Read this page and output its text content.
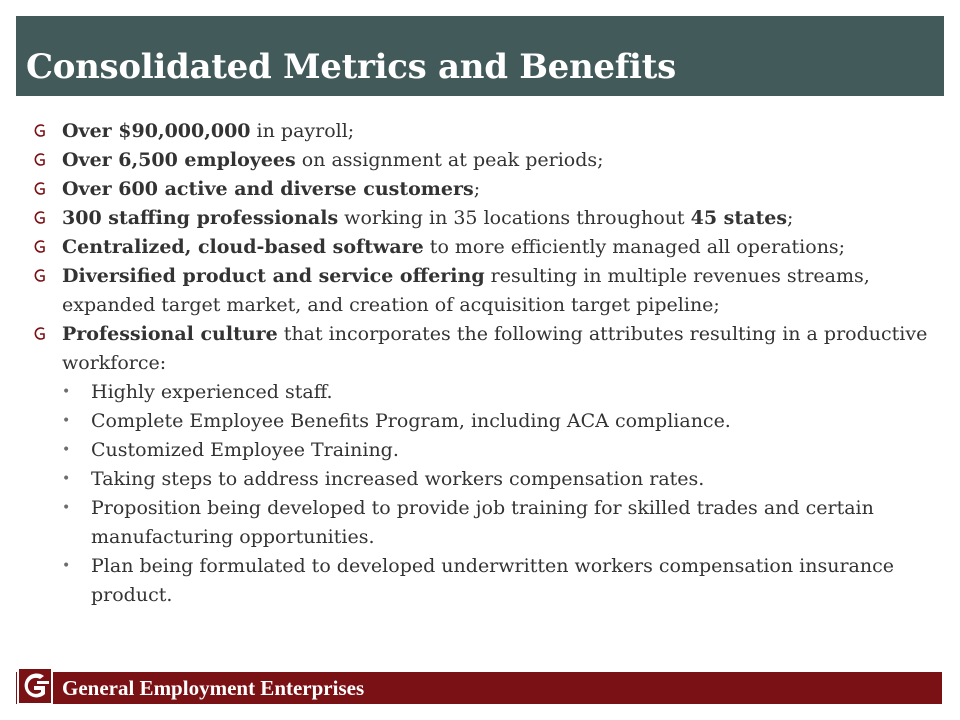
Consolidated Metrics and Benefits
Over $90,000,000 in payroll;
Over 6,500 employees on assignment at peak periods;
Over 600 active and diverse customers;
300 staffing professionals working in 35 locations throughout 45 states;
Centralized, cloud-based software to more efficiently managed all operations;
Diversified product and service offering resulting in multiple revenues streams, expanded target market, and creation of acquisition target pipeline;
Professional culture that incorporates the following attributes resulting in a productive workforce:
• Highly experienced staff.
• Complete Employee Benefits Program, including ACA compliance.
• Customized Employee Training.
• Taking steps to address increased workers compensation rates.
• Proposition being developed to provide job training for skilled trades and certain manufacturing opportunities.
• Plan being formulated to developed underwritten workers compensation insurance product.
General Employment Enterprises
